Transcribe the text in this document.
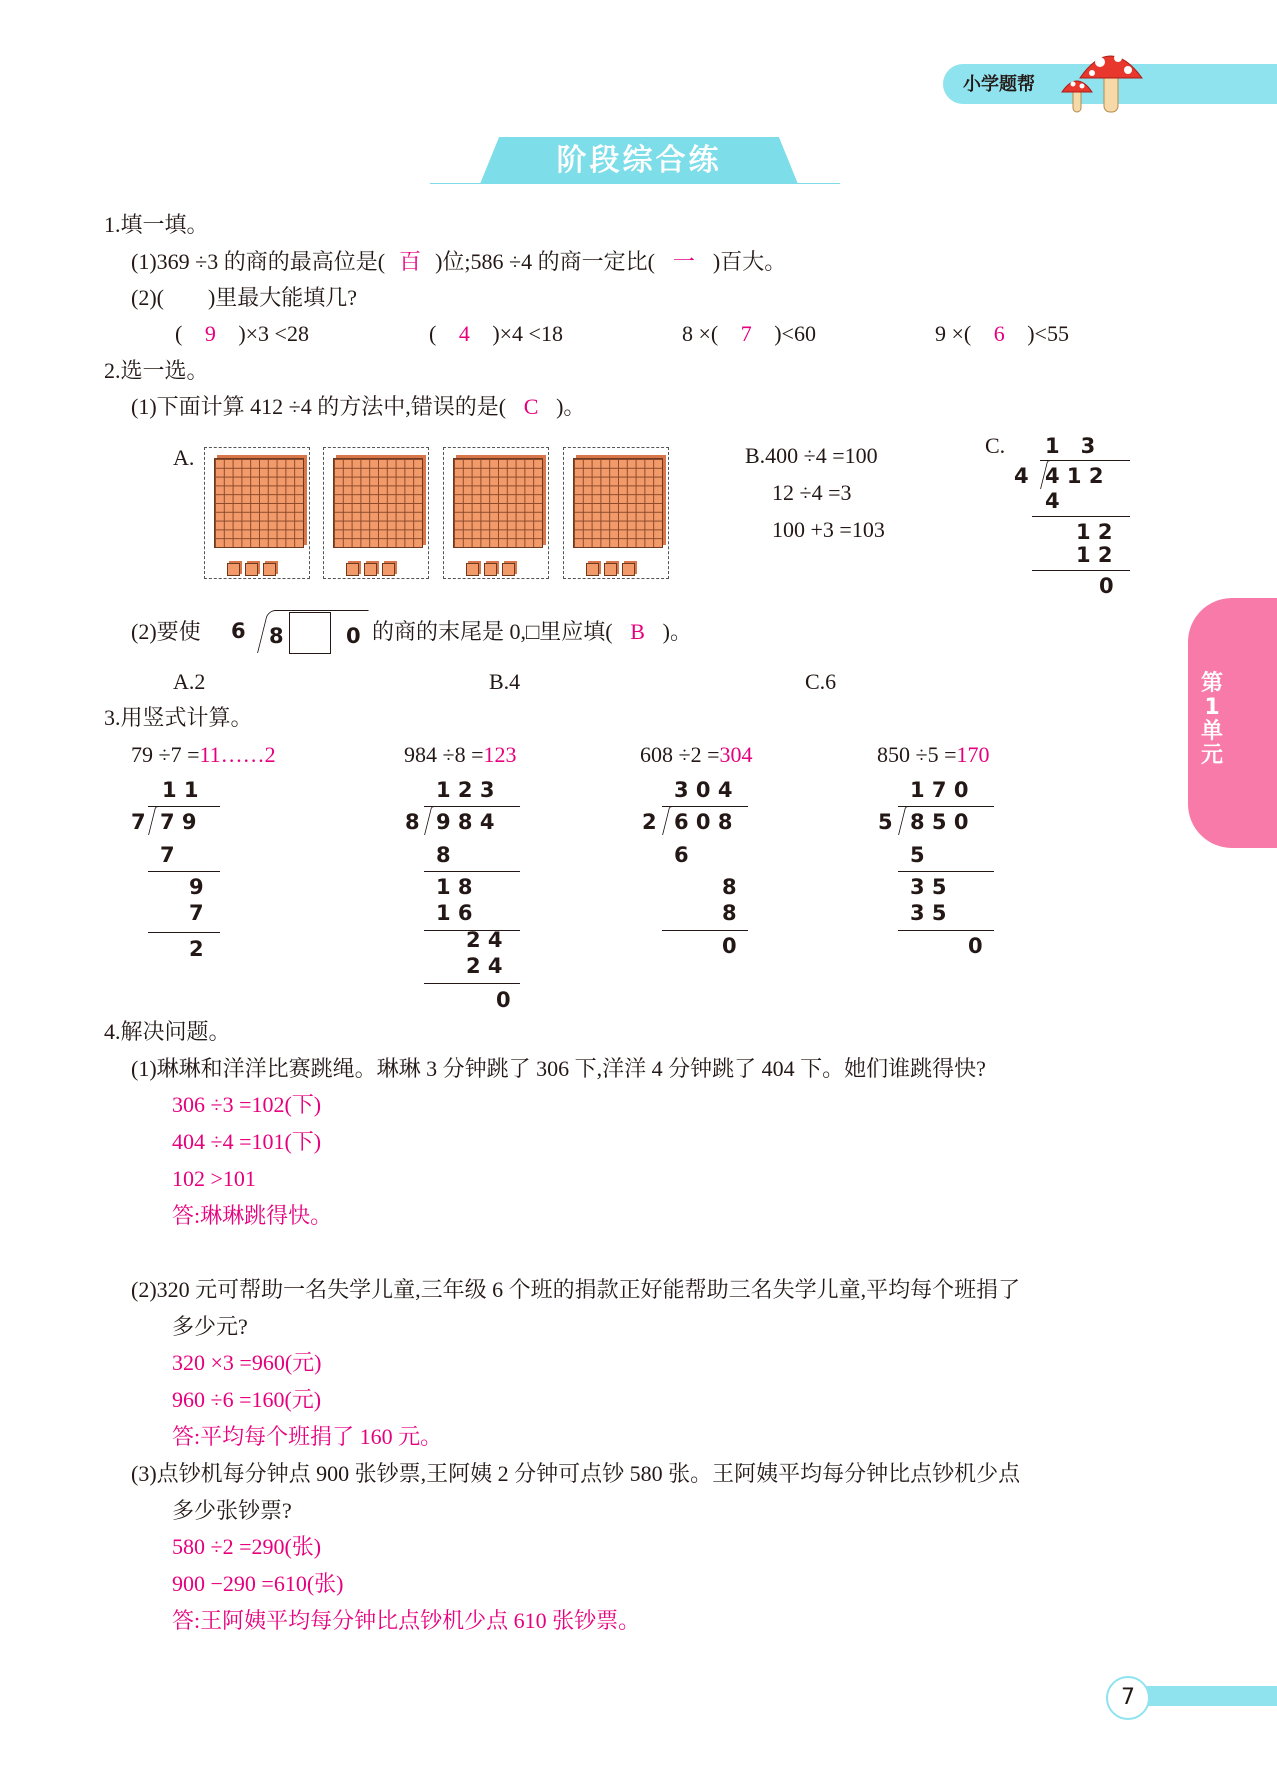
小学题帮
阶段综合练
第1单元
7
1.填一填。
(1)369 ÷3 的商的最高位是( 百 )位;586 ÷4 的商一定比( 一 )百大。
(2)(　　)里最大能填几?
( 9 )×3 <28	( 4 )×4 <18	8 ×( 7 )<60	9 ×( 6 )<55
2.选一选。
(1)下面计算 412 ÷4 的方法中,错误的是( C )。
A.	B.400 ÷4 =100
12 ÷4 =3
100 +3 =103
C. 1　3
4 4 1 2
4
1 2
1 2
0
(2)要使 6 8	0 的商的末尾是 0,□里应填( B )。
A.2	B.4	C.6
3.用竖式计算。
79 ÷7 =11……2
1 1
7 7 9
7
9
7
2
984 ÷8 =123
1 2 3
8 9 8 4
8
1 8
1 6
2 4
2 4
0
608 ÷2 =304
3 0 4
2 6 0 8
6
8
8
0
850 ÷5 =170
1 7 0
5 8 5 0
5
3 5
3 5
0
4.解决问题。
(1)琳琳和洋洋比赛跳绳。琳琳 3 分钟跳了 306 下,洋洋 4 分钟跳了 404 下。她们谁跳得快?
306 ÷3 =102(下)
404 ÷4 =101(下)
102 >101
答:琳琳跳得快。
(2)320 元可帮助一名失学儿童,三年级 6 个班的捐款正好能帮助三名失学儿童,平均每个班捐了
多少元?
320 ×3 =960(元)
960 ÷6 =160(元)
答:平均每个班捐了 160 元。
(3)点钞机每分钟点 900 张钞票,王阿姨 2 分钟可点钞 580 张。王阿姨平均每分钟比点钞机少点
多少张钞票?
580 ÷2 =290(张)
900 −290 =610(张)
答:王阿姨平均每分钟比点钞机少点 610 张钞票。
